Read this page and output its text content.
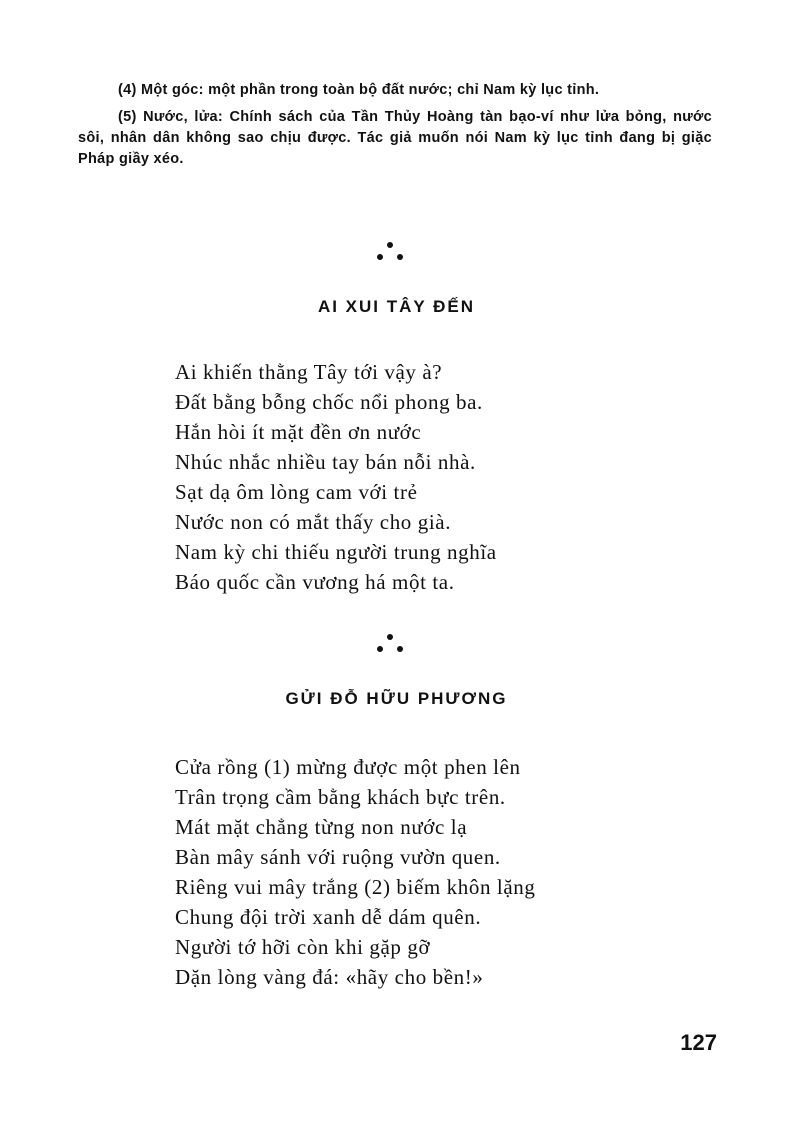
(4) Một góc: một phần trong toàn bộ đất nước; chỉ Nam kỳ lục tỉnh.

(5) Nước, lửa: Chính sách của Tần Thủy Hoàng tàn bạo-ví như lửa bỏng, nước sôi, nhân dân không sao chịu được. Tác giả muốn nói Nam kỳ lục tỉnh đang bị giặc Pháp giầy xéo.

AI XUI TÂY ĐẾN
Ai khiến thằng Tây tới vậy à?
Đất bằng bỗng chốc nổi phong ba.
Hắn hòi ít mặt đền ơn nước
Nhúc nhắc nhiều tay bán nỗi nhà.
Sạt dạ ôm lòng cam với trẻ
Nước non có mắt thấy cho già.
Nam kỳ chi thiếu người trung nghĩa
Báo quốc cần vương há một ta.
GỬI ĐỖ HỮU PHƯƠNG
Cửa rồng (1) mừng được một phen lên
Trân trọng cầm bằng khách bực trên.
Mát mặt chẳng từng non nước lạ
Bàn mây sánh với ruộng vườn quen.
Riêng vui mây trắng (2) biếm khôn lặng
Chung đội trời xanh dễ dám quên.
Người tớ hỡi còn khi gặp gỡ
Dặn lòng vàng đá: «hãy cho bền!»
127
